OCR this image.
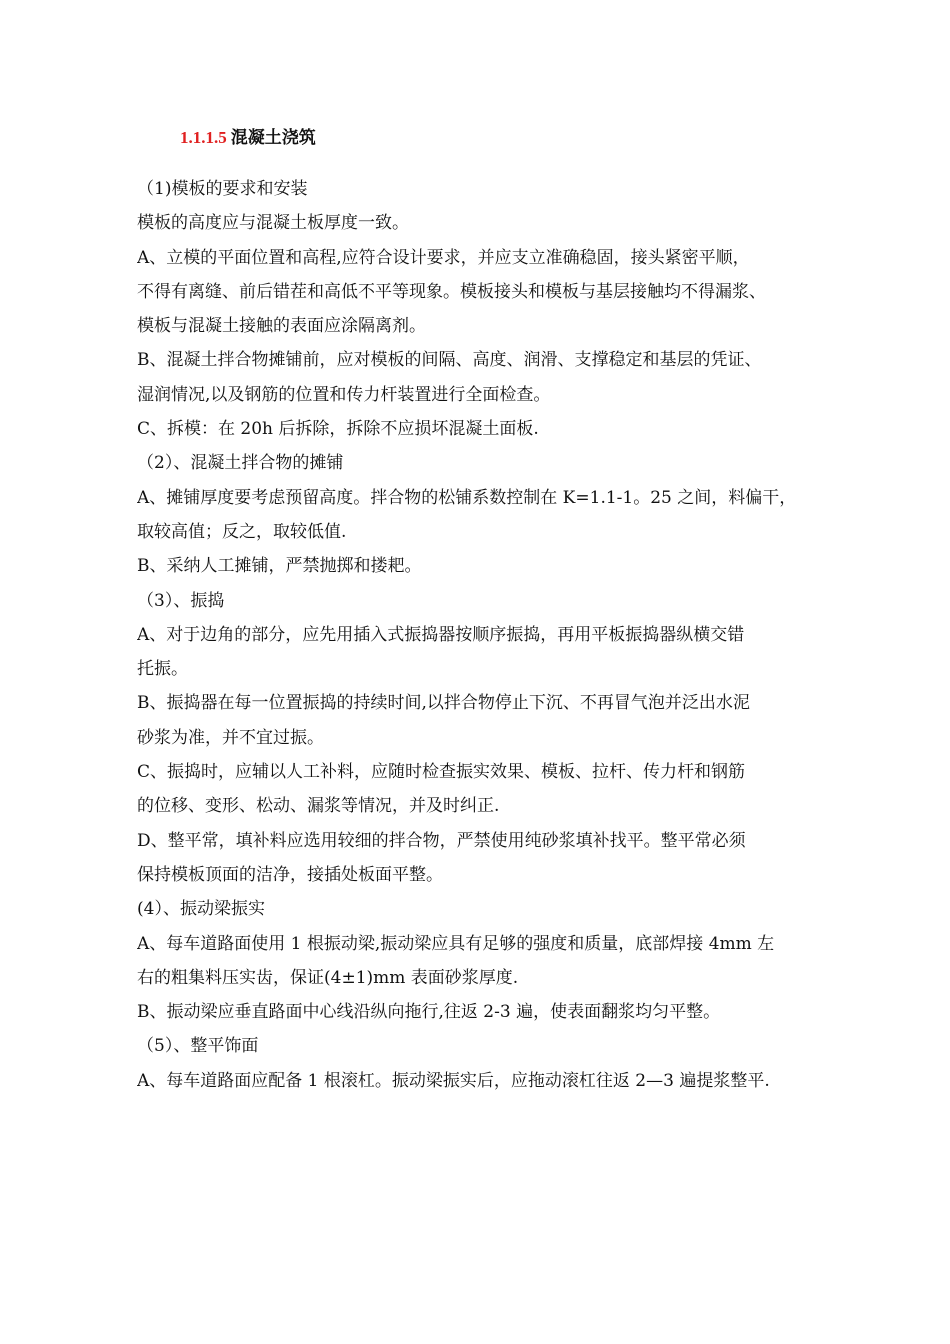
1.1.1.5 混凝土浇筑
（1)模板的要求和安装
模板的高度应与混凝土板厚度一致。
A、立模的平面位置和高程,应符合设计要求，并应支立准确稳固，接头紧密平顺，
不得有离缝、前后错茬和高低不平等现象。模板接头和模板与基层接触均不得漏浆、
模板与混凝土接触的表面应涂隔离剂。
B、混凝土拌合物摊铺前，应对模板的间隔、高度、润滑、支撑稳定和基层的凭证、
湿润情况,以及钢筋的位置和传力杆装置进行全面检查。
C、拆模：在 20h 后拆除，拆除不应损坏混凝土面板.
（2）、混凝土拌合物的摊铺
A、摊铺厚度要考虑预留高度。拌合物的松铺系数控制在 K=1.1-1。25 之间，料偏干，
取较高值；反之，取较低值.
B、采纳人工摊铺，严禁抛掷和搂耙。
（3）、振捣
A、对于边角的部分，应先用插入式振捣器按顺序振捣，再用平板振捣器纵横交错
托振。
B、振捣器在每一位置振捣的持续时间,以拌合物停止下沉、不再冒气泡并泛出水泥
砂浆为准，并不宜过振。
C、振捣时，应辅以人工补料，应随时检查振实效果、模板、拉杆、传力杆和钢筋
的位移、变形、松动、漏浆等情况，并及时纠正.
D、整平常，填补料应选用较细的拌合物，严禁使用纯砂浆填补找平。整平常必须
保持模板顶面的洁净，接插处板面平整。
(4）、振动梁振实
A、每车道路面使用 1 根振动梁,振动梁应具有足够的强度和质量，底部焊接 4mm 左
右的粗集料压实齿，保证(4±1)mm 表面砂浆厚度.
B、振动梁应垂直路面中心线沿纵向拖行,往返 2-3 遍，使表面翻浆均匀平整。
（5）、整平饰面
A、每车道路面应配备 1 根滚杠。振动梁振实后，应拖动滚杠往返 2—3 遍提浆整平.
